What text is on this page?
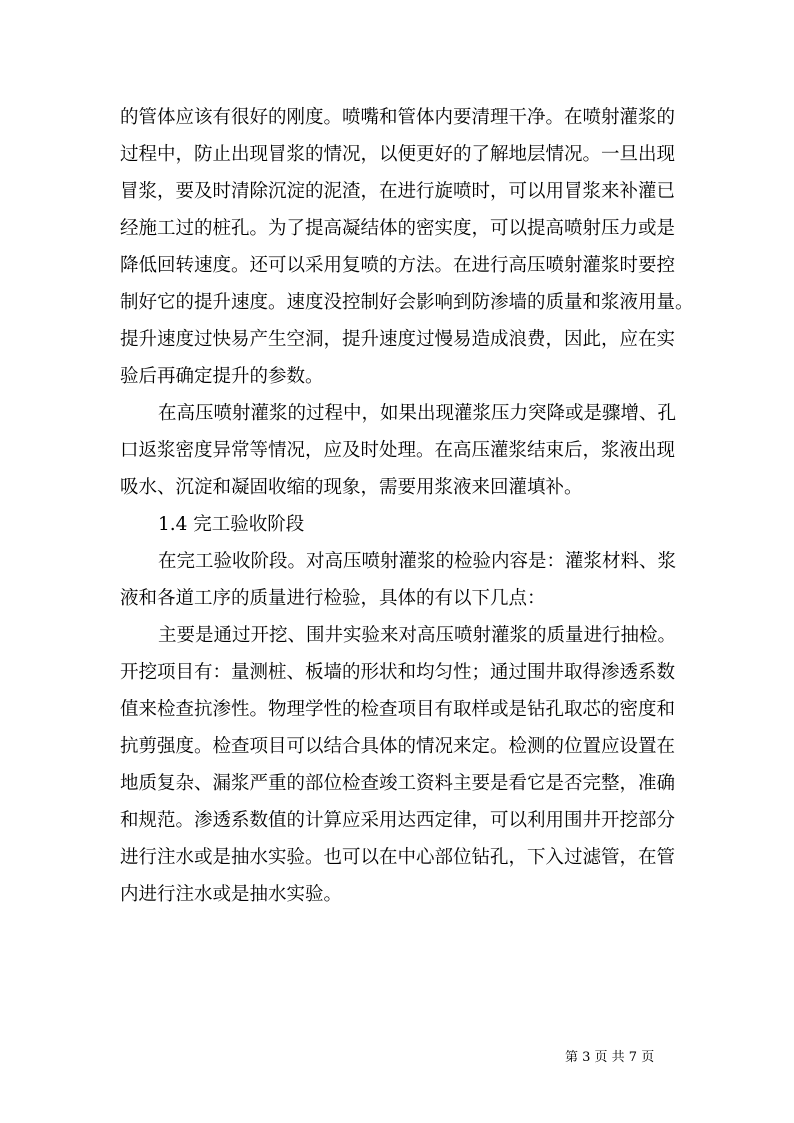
的管体应该有很好的刚度。喷嘴和管体内要清理干净。在喷射灌浆的
过程中，防止出现冒浆的情况，以便更好的了解地层情况。一旦出现
冒浆，要及时清除沉淀的泥渣，在进行旋喷时，可以用冒浆来补灌已
经施工过的桩孔。为了提高凝结体的密实度，可以提高喷射压力或是
降低回转速度。还可以采用复喷的方法。在进行高压喷射灌浆时要控
制好它的提升速度。速度没控制好会影响到防渗墙的质量和浆液用量。
提升速度过快易产生空洞，提升速度过慢易造成浪费，因此，应在实
验后再确定提升的参数。
在高压喷射灌浆的过程中，如果出现灌浆压力突降或是骤增、孔
口返浆密度异常等情况，应及时处理。在高压灌浆结束后，浆液出现
吸水、沉淀和凝固收缩的现象，需要用浆液来回灌填补。
1.4 完工验收阶段
在完工验收阶段。对高压喷射灌浆的检验内容是：灌浆材料、浆
液和各道工序的质量进行检验，具体的有以下几点：
主要是通过开挖、围井实验来对高压喷射灌浆的质量进行抽检。
开挖项目有：量测桩、板墙的形状和均匀性；通过围井取得渗透系数
值来检查抗渗性。物理学性的检查项目有取样或是钻孔取芯的密度和
抗剪强度。检查项目可以结合具体的情况来定。检测的位置应设置在
地质复杂、漏浆严重的部位检查竣工资料主要是看它是否完整，准确
和规范。渗透系数值的计算应采用达西定律，可以利用围井开挖部分
进行注水或是抽水实验。也可以在中心部位钻孔，下入过滤管，在管
内进行注水或是抽水实验。
第 3 页 共 7 页
